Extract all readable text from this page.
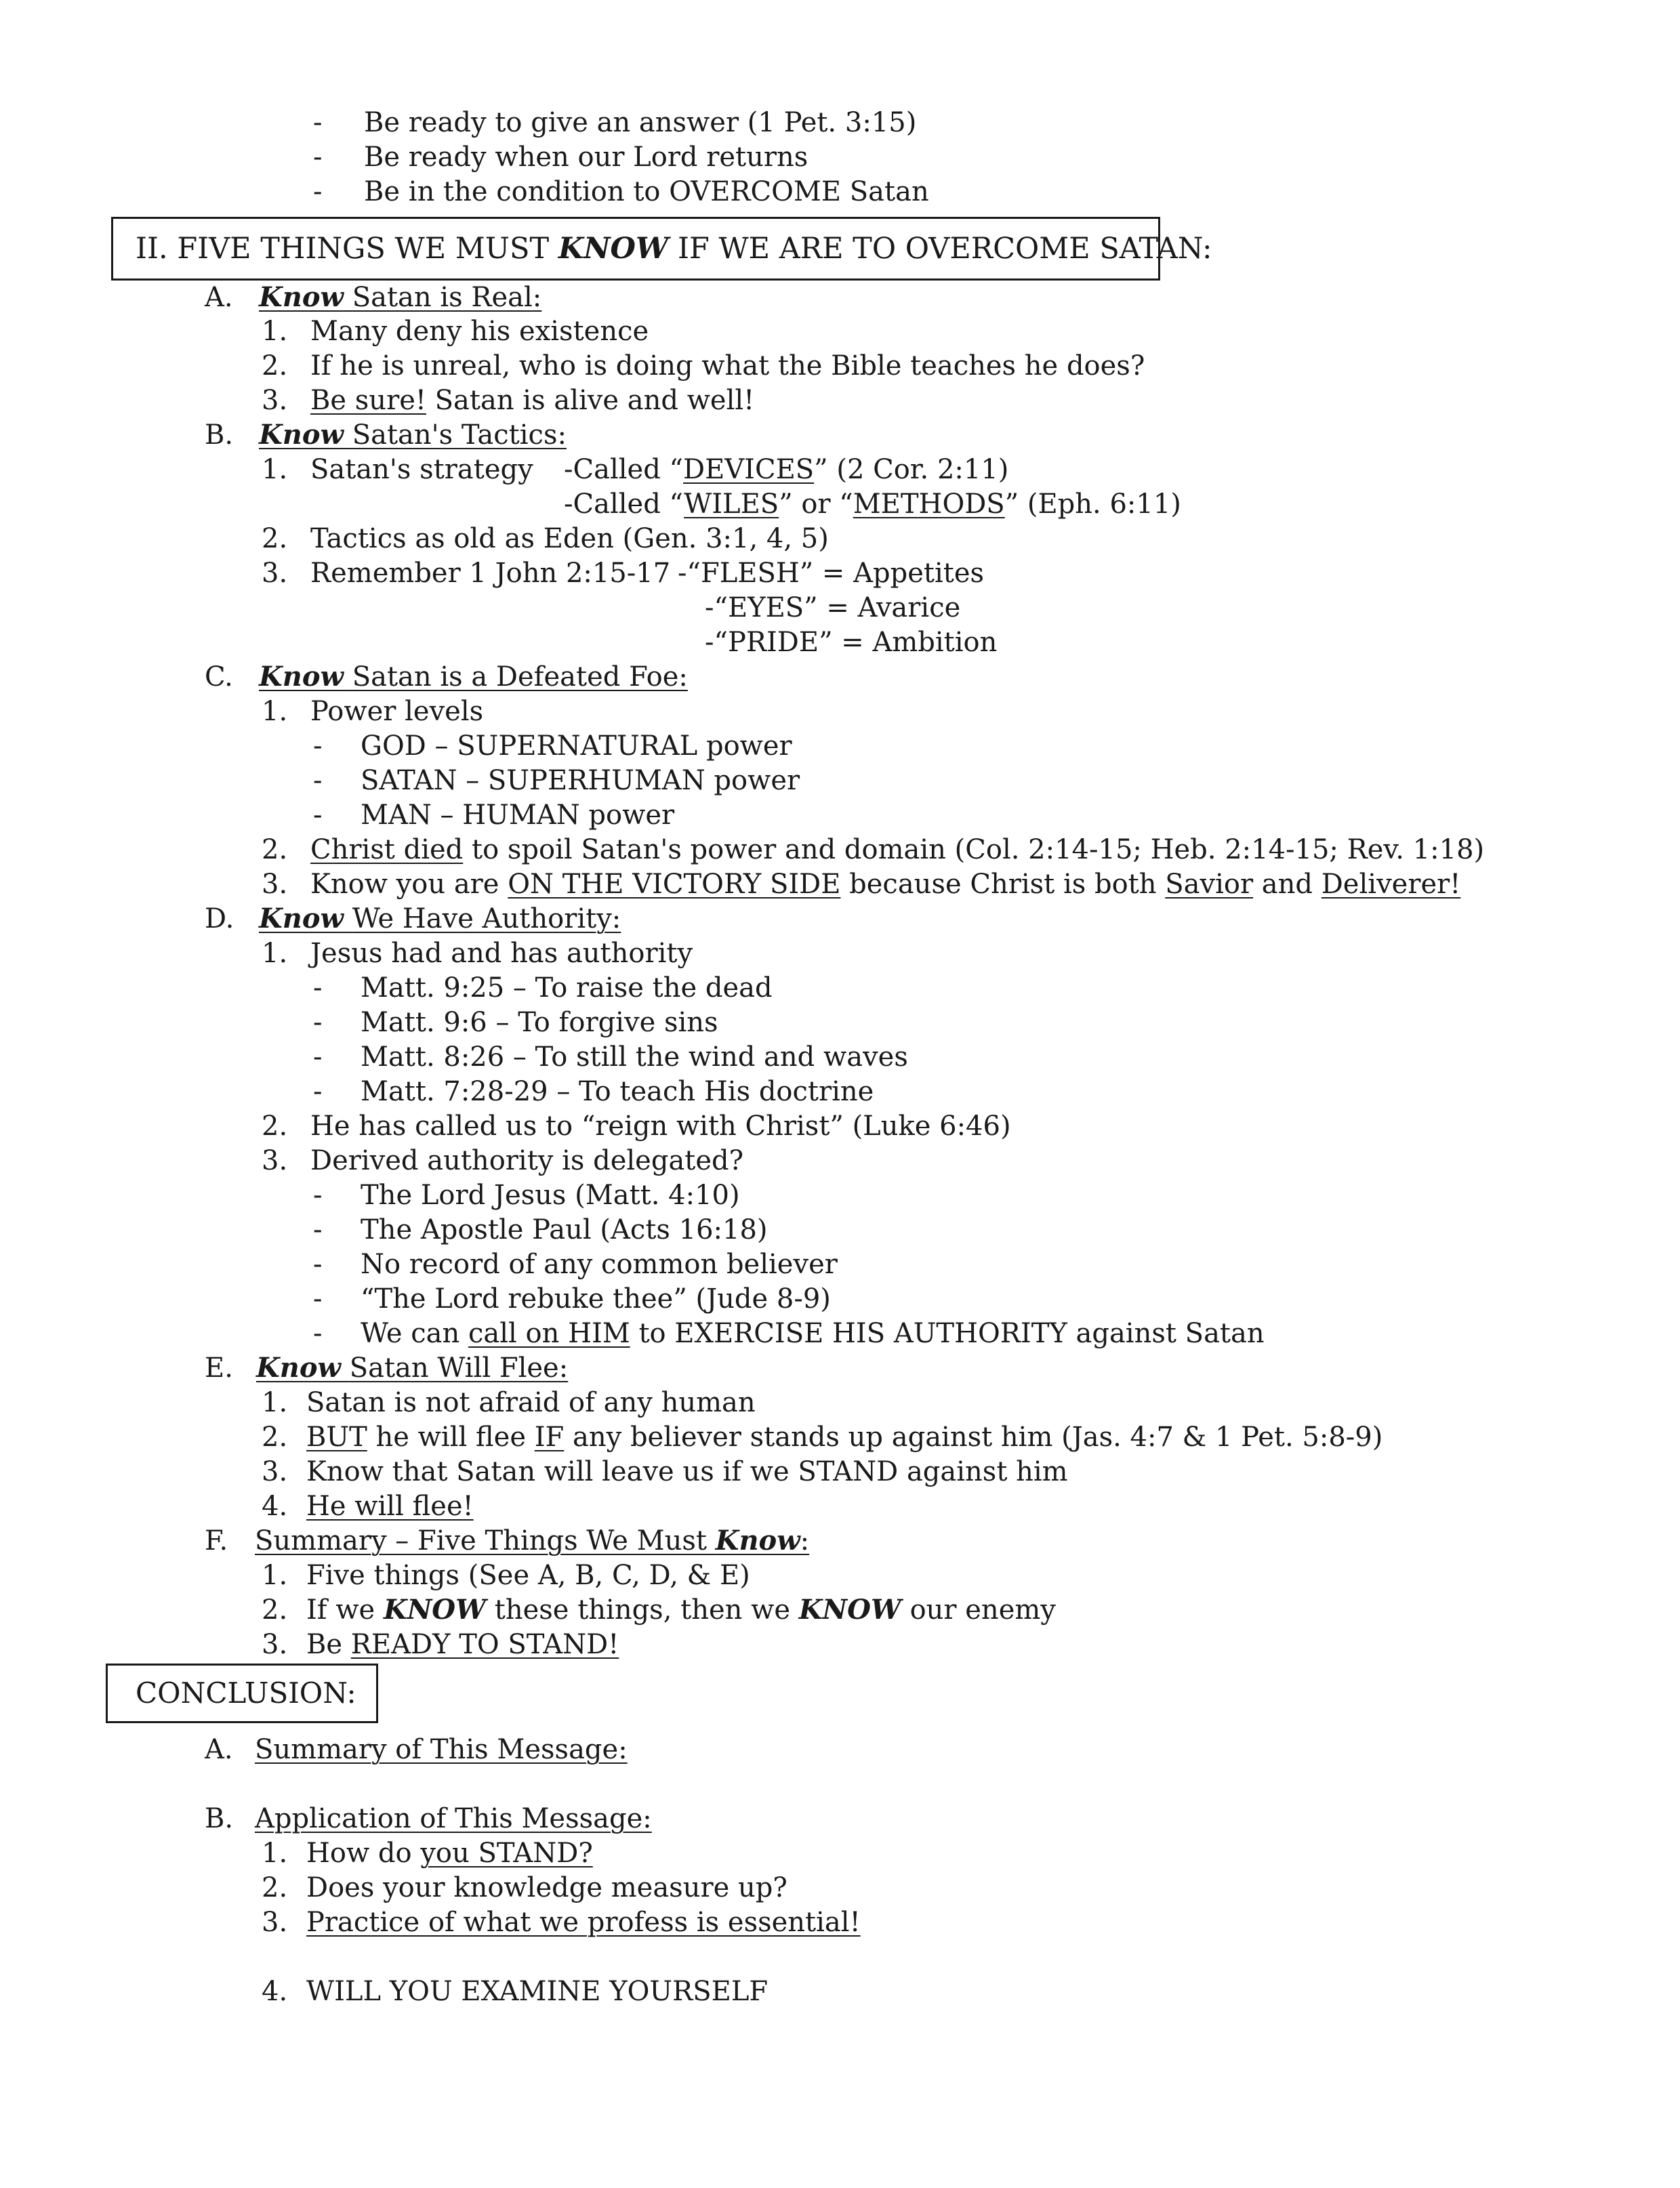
- Be ready to give an answer (1 Pet. 3:15)
- Be ready when our Lord returns
- Be in the condition to OVERCOME Satan
II. FIVE THINGS WE MUST KNOW IF WE ARE TO OVERCOME SATAN:
A. Know Satan is Real:
1. Many deny his existence
2. If he is unreal, who is doing what the Bible teaches he does?
3. Be sure! Satan is alive and well!
B. Know Satan's Tactics:
1. Satan's strategy -Called “DEVICES” (2 Cor. 2:11)
-Called “WILES” or “METHODS” (Eph. 6:11)
2. Tactics as old as Eden (Gen. 3:1, 4, 5)
3. Remember 1 John 2:15-17 -“FLESH” = Appetites
-“EYES” = Avarice
-“PRIDE” = Ambition
C. Know Satan is a Defeated Foe:
1. Power levels
- GOD – SUPERNATURAL power
- SATAN – SUPERHUMAN power
- MAN – HUMAN power
2. Christ died to spoil Satan's power and domain (Col. 2:14-15; Heb. 2:14-15; Rev. 1:18)
3. Know you are ON THE VICTORY SIDE because Christ is both Savior and Deliverer!
D. Know We Have Authority:
1. Jesus had and has authority
- Matt. 9:25 – To raise the dead
- Matt. 9:6 – To forgive sins
- Matt. 8:26 – To still the wind and waves
- Matt. 7:28-29 – To teach His doctrine
2. He has called us to “reign with Christ” (Luke 6:46)
3. Derived authority is delegated?
- The Lord Jesus (Matt. 4:10)
- The Apostle Paul (Acts 16:18)
- No record of any common believer
- “The Lord rebuke thee” (Jude 8-9)
- We can call on HIM to EXERCISE HIS AUTHORITY against Satan
E. Know Satan Will Flee:
1. Satan is not afraid of any human
2. BUT he will flee IF any believer stands up against him (Jas. 4:7 & 1 Pet. 5:8-9)
3. Know that Satan will leave us if we STAND against him
4. He will flee!
F. Summary – Five Things We Must Know:
1. Five things (See A, B, C, D, & E)
2. If we KNOW these things, then we KNOW our enemy
3. Be READY TO STAND!
CONCLUSION:
A. Summary of This Message:
B. Application of This Message:
1. How do you STAND?
2. Does your knowledge measure up?
3. Practice of what we profess is essential!
4. WILL YOU EXAMINE YOURSELF
